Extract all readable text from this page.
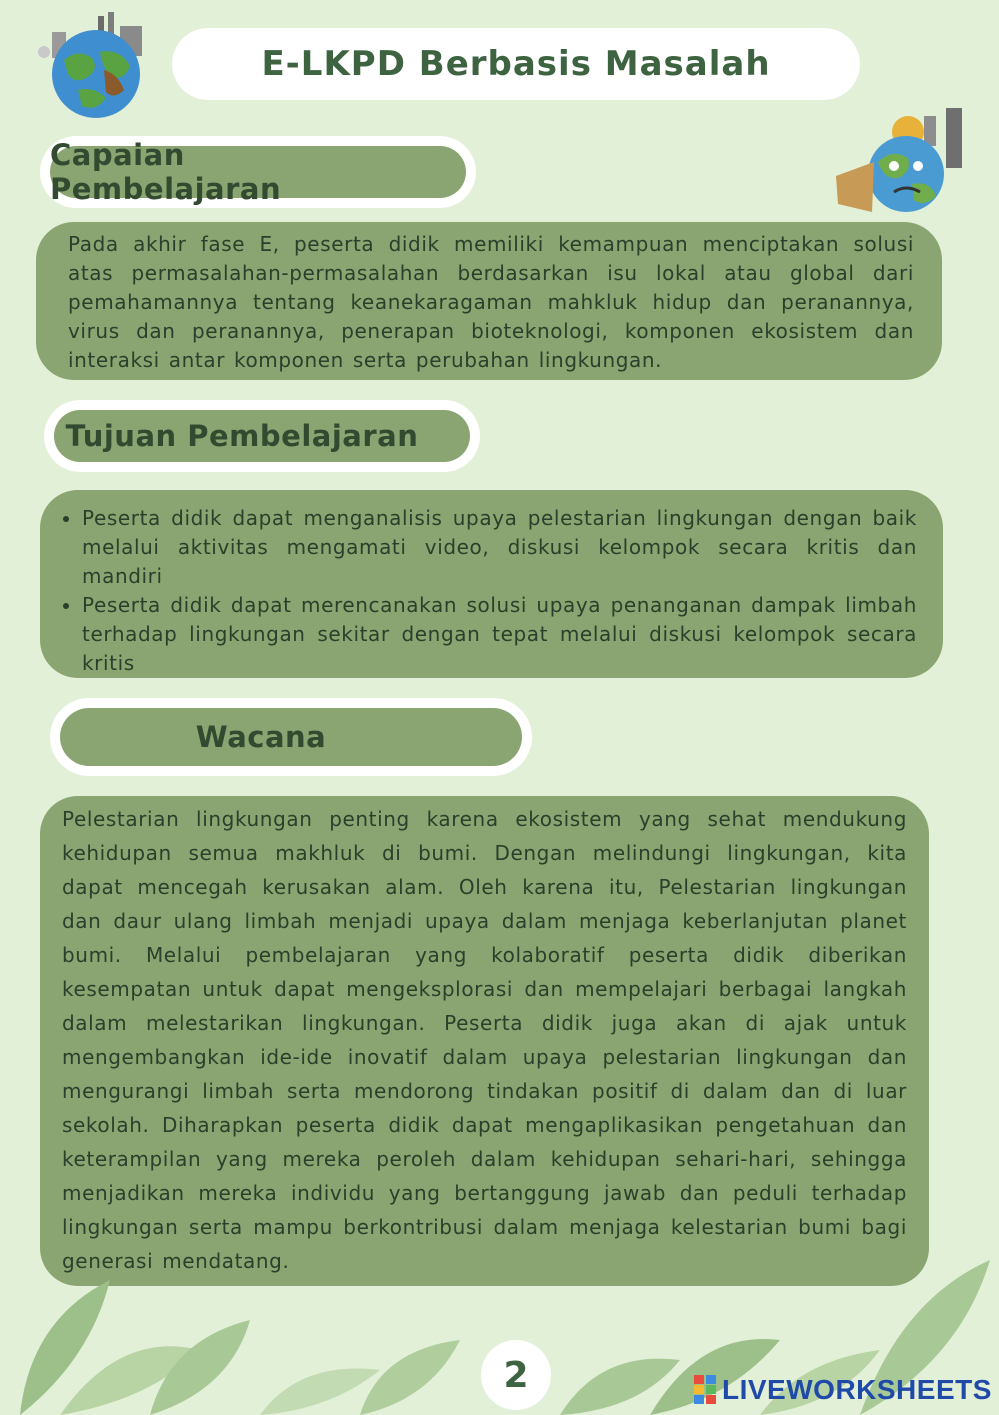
E-LKPD Berbasis Masalah
Capaian Pembelajaran

Pada akhir fase E, peserta didik memiliki kemampuan menciptakan solusi atas permasalahan-permasalahan berdasarkan isu lokal atau global dari pemahamannya tentang keanekaragaman mahkluk hidup dan peranannya, virus dan peranannya, penerapan bioteknologi, komponen ekosistem dan interaksi antar komponen serta perubahan lingkungan.

Tujuan Pembelajaran
• Peserta didik dapat menganalisis upaya pelestarian lingkungan dengan baik melalui aktivitas mengamati video, diskusi kelompok secara kritis dan mandiri
• Peserta didik dapat merencanakan solusi upaya penanganan dampak limbah terhadap lingkungan sekitar dengan tepat melalui diskusi kelompok secara kritis
Wacana

Pelestarian lingkungan penting karena ekosistem yang sehat mendukung kehidupan semua makhluk di bumi. Dengan melindungi lingkungan, kita dapat mencegah kerusakan alam. Oleh karena itu, Pelestarian lingkungan dan daur ulang limbah menjadi upaya dalam menjaga keberlanjutan planet bumi. Melalui pembelajaran yang kolaboratif peserta didik diberikan kesempatan untuk dapat mengeksplorasi dan mempelajari berbagai langkah dalam melestarikan lingkungan. Peserta didik juga akan di ajak untuk mengembangkan ide-ide inovatif dalam upaya pelestarian lingkungan dan mengurangi limbah serta mendorong tindakan positif di dalam dan di luar sekolah. Diharapkan peserta didik dapat mengaplikasikan pengetahuan dan keterampilan yang mereka peroleh dalam kehidupan sehari-hari, sehingga menjadikan mereka individu yang bertanggung jawab dan peduli terhadap lingkungan serta mampu berkontribusi dalam menjaga kelestarian bumi bagi generasi mendatang.

2	LIVEWORKSHEETS
